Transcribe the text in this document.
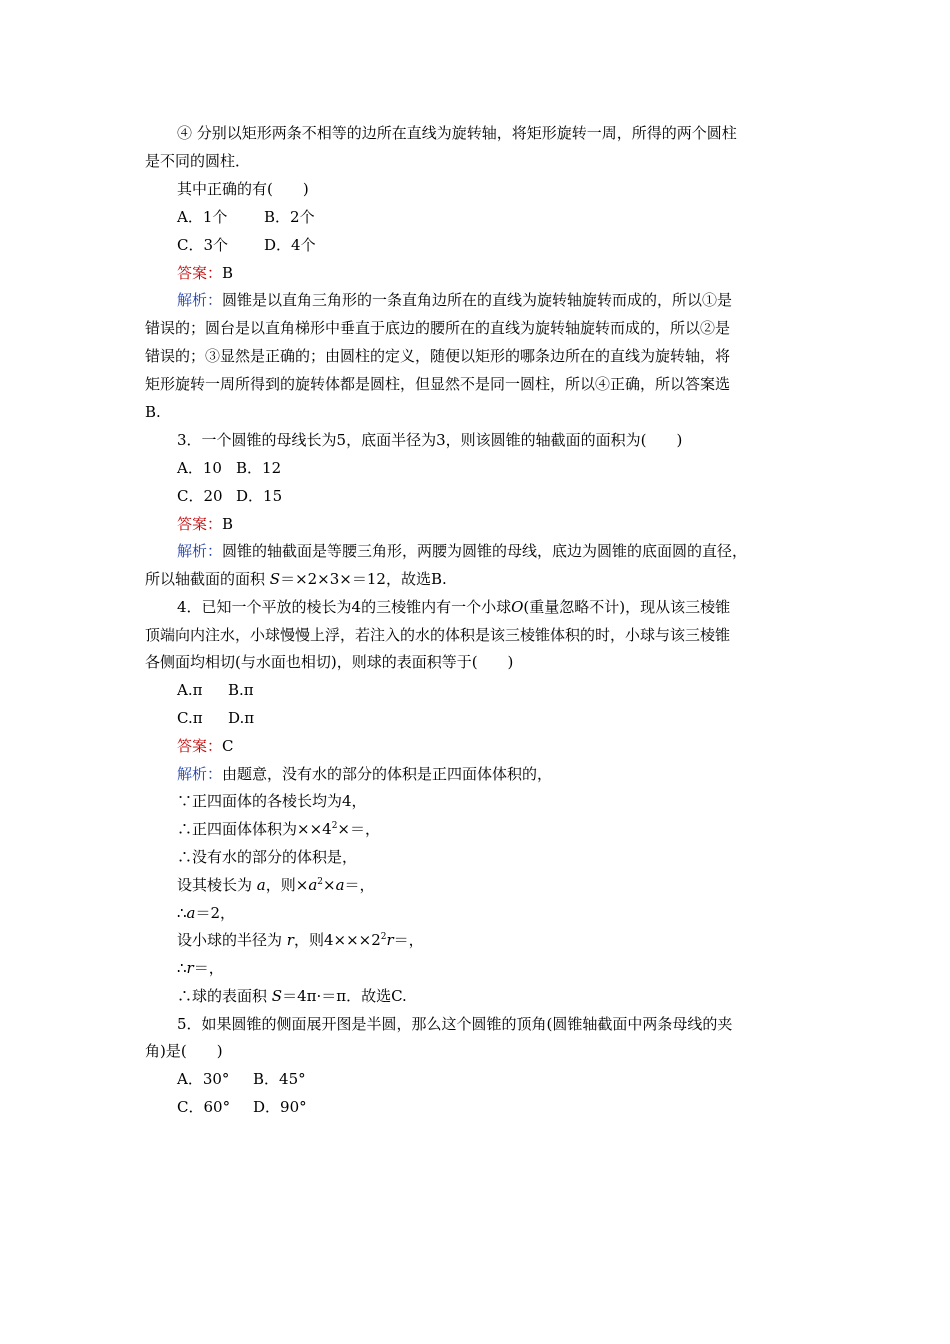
④ 分别以矩形两条不相等的边所在直线为旋转轴，将矩形旋转一周，所得的两个圆柱
是不同的圆柱．
其中正确的有(　　)
A．1个 B．2个
C．3个 D．4个
答案：B
解析：圆锥是以直角三角形的一条直角边所在的直线为旋转轴旋转而成的，所以①是
错误的；圆台是以直角梯形中垂直于底边的腰所在的直线为旋转轴旋转而成的，所以②是
错误的；③显然是正确的；由圆柱的定义，随便以矩形的哪条边所在的直线为旋转轴，将
矩形旋转一周所得到的旋转体都是圆柱，但显然不是同一圆柱，所以④正确，所以答案选
B.
3．一个圆锥的母线长为5，底面半径为3，则该圆锥的轴截面的面积为(　　)
A．10 B．12
C．20 D．15
答案：B
解析：圆锥的轴截面是等腰三角形，两腰为圆锥的母线，底边为圆锥的底面圆的直径，
所以轴截面的面积 S＝×2×3×＝12，故选B.
4．已知一个平放的棱长为4的三棱锥内有一个小球O(重量忽略不计)，现从该三棱锥
顶端向内注水，小球慢慢上浮，若注入的水的体积是该三棱锥体积的时，小球与该三棱锥
各侧面均相切(与水面也相切)，则球的表面积等于(　　)
A.π B.π
C.π D.π
答案：C
解析：由题意，没有水的部分的体积是正四面体体积的，
∵正四面体的各棱长均为4，
∴正四面体体积为$\times\times 4^2\times=$，
∴没有水的部分的体积是，
设其棱长为 a，则$\times a^2\times a=$，
∴a＝2，
设小球的半径为 r，则$4\times\times\times 2^2r=$，
∴r＝，
∴球的表面积 S＝4π·＝π．故选C.
5．如果圆锥的侧面展开图是半圆，那么这个圆锥的顶角(圆锥轴截面中两条母线的夹
角)是(　　)
A．30° B．45°
C．60° D．90°
